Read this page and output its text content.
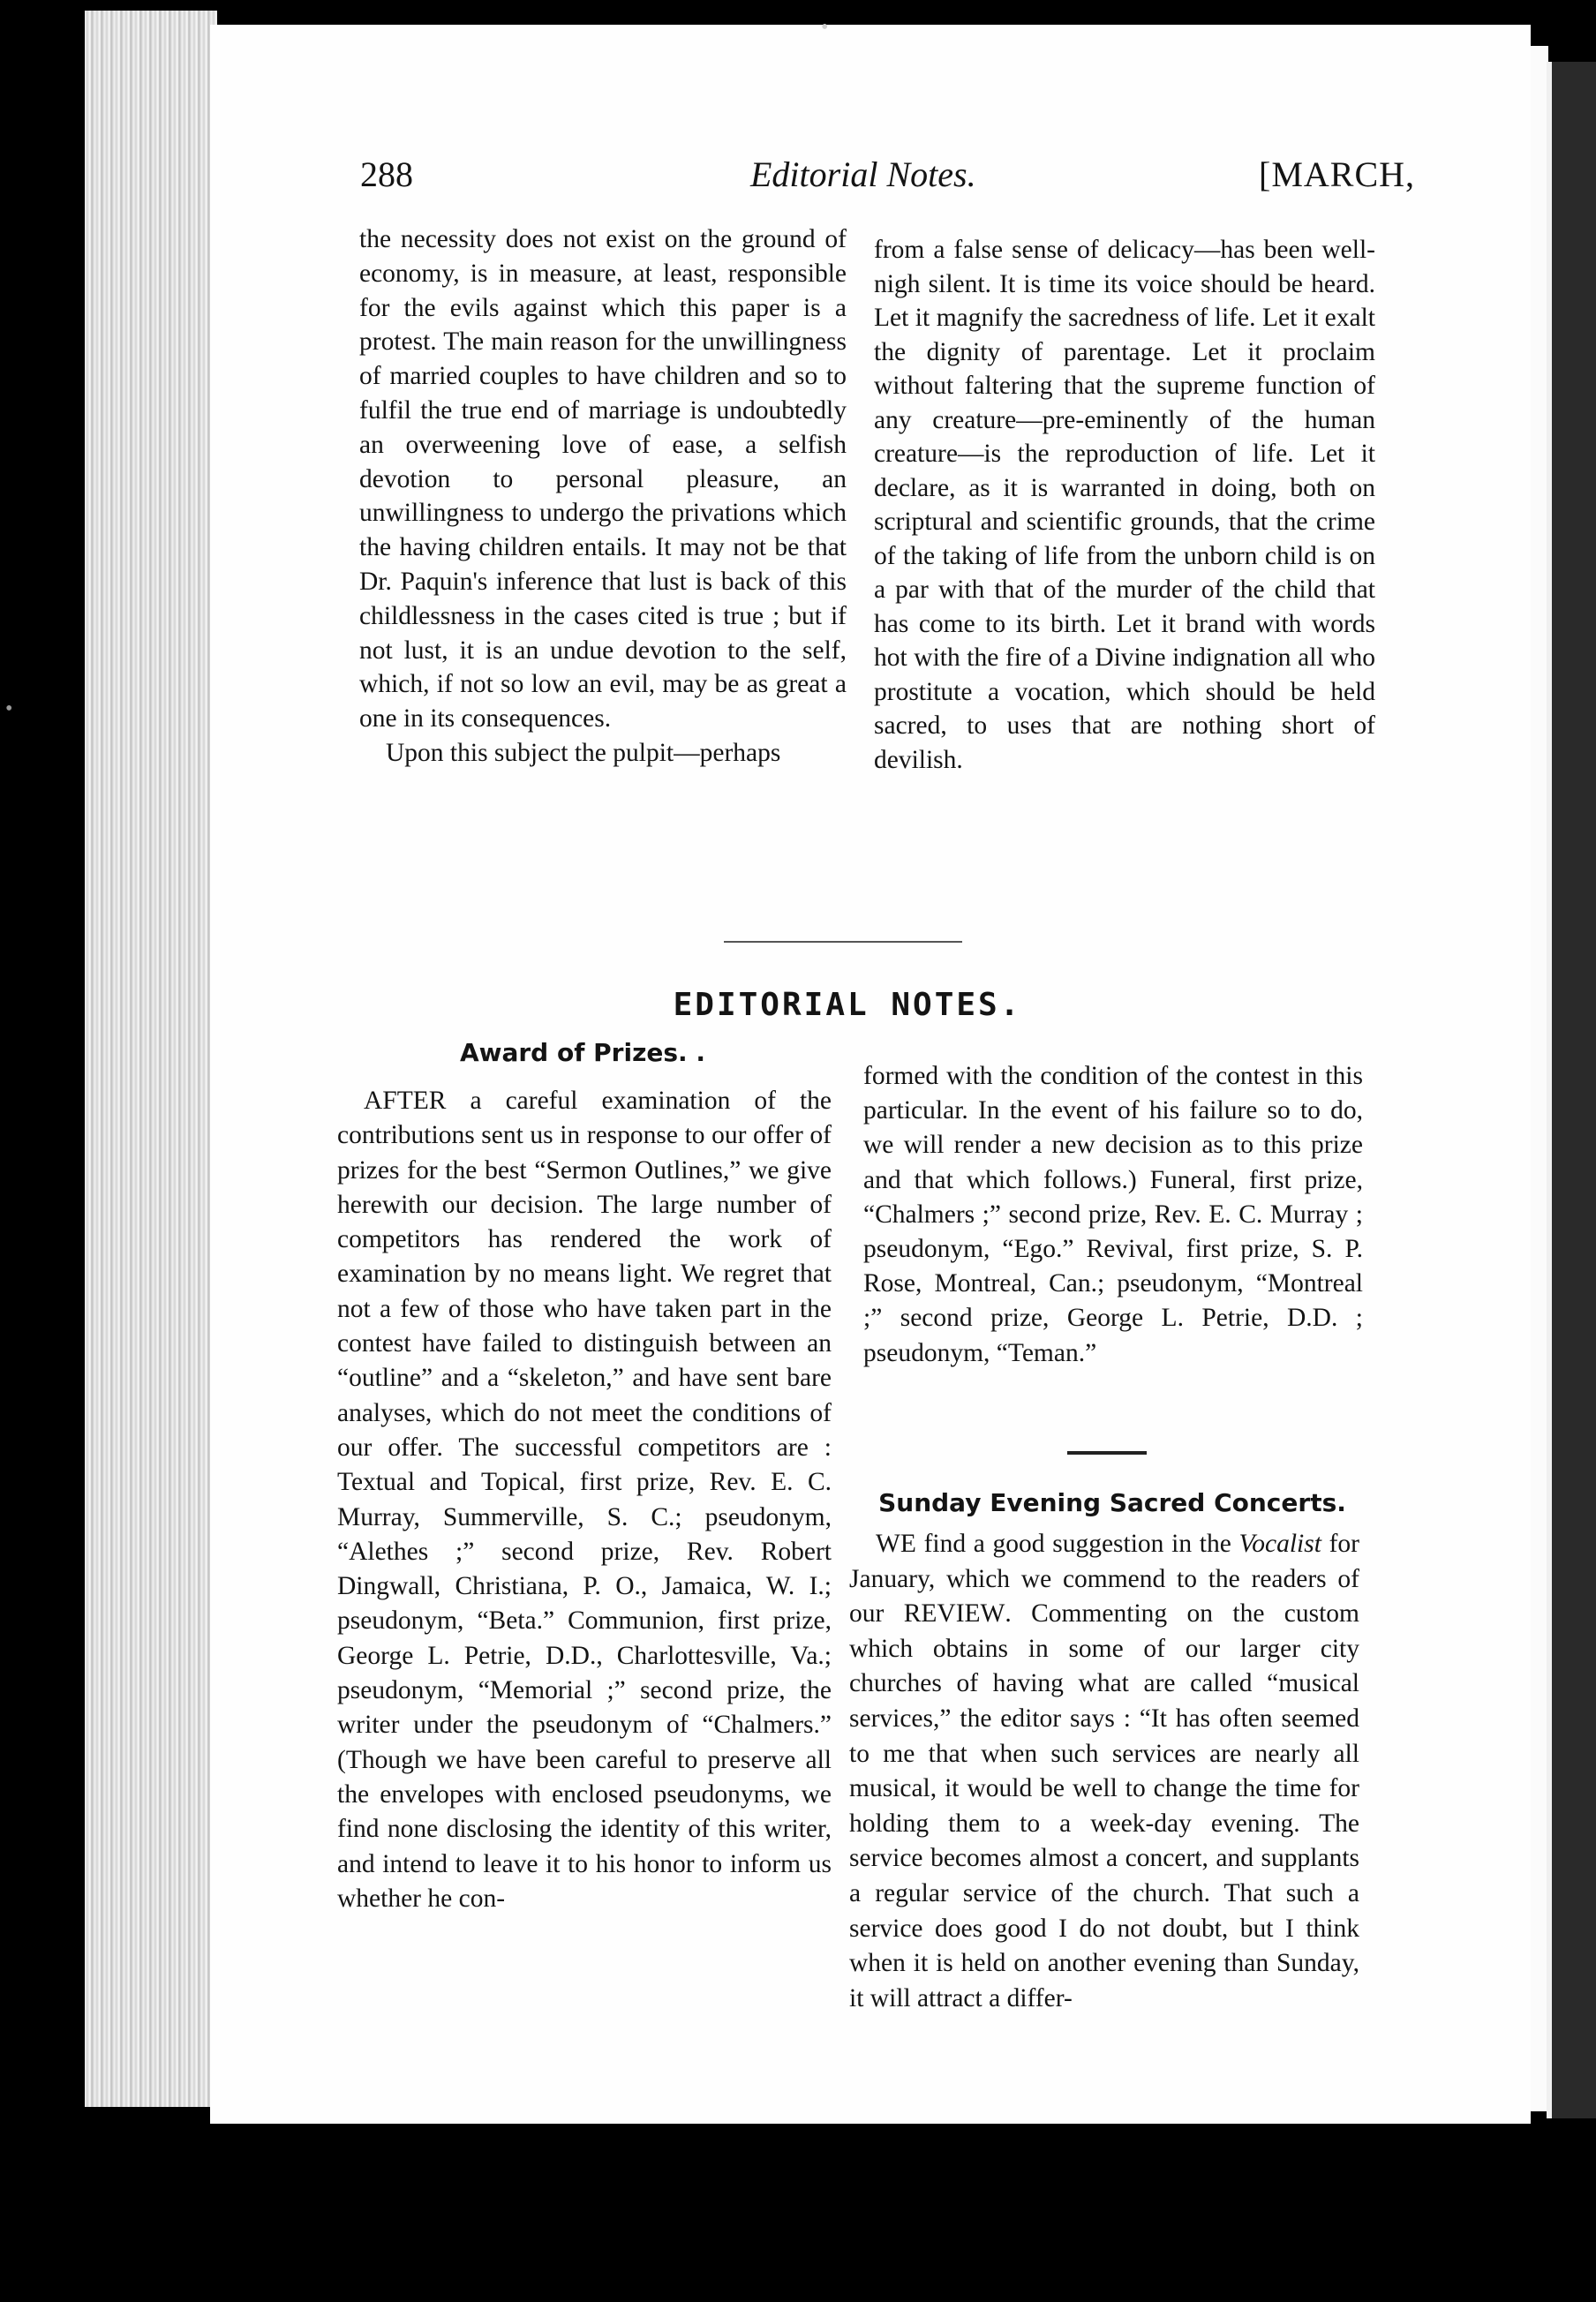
•
•
288	Editorial Notes.	[MARCH,

the necessity does not exist on the ground of economy, is in measure, at least, responsible for the evils against which this paper is a protest. The main reason for the unwillingness of married couples to have children and so to fulfil the true end of marriage is undoubtedly an overweening love of ease, a selfish devotion to personal pleasure, an unwillingness to undergo the privations which the having children entails. It may not be that Dr. Paquin's inference that lust is back of this childlessness in the cases cited is true ; but if not lust, it is an undue devotion to the self, which, if not so low an evil, may be as great a one in its consequences.

Upon this subject the pulpit—perhaps

from a false sense of delicacy—has been well-nigh silent. It is time its voice should be heard. Let it magnify the sacredness of life. Let it exalt the dignity of parentage. Let it proclaim without faltering that the supreme function of any creature—pre-eminently of the human creature—is the reproduction of life. Let it declare, as it is warranted in doing, both on scriptural and scientific grounds, that the crime of the taking of life from the unborn child is on a par with that of the murder of the child that has come to its birth. Let it brand with words hot with the fire of a Divine indignation all who prostitute a vocation, which should be held sacred, to uses that are nothing short of devilish.

EDITORIAL NOTES.
Award of Prizes. .

AFTER a careful examination of the contributions sent us in response to our offer of prizes for the best “Sermon Outlines,” we give herewith our decision. The large number of competitors has rendered the work of examination by no means light. We regret that not a few of those who have taken part in the contest have failed to distinguish between an “outline” and a “skeleton,” and have sent bare analyses, which do not meet the conditions of our offer. The successful competitors are : Textual and Topical, first prize, Rev. E. C. Murray, Summerville, S. C.; pseudonym, “Alethes ;” second prize, Rev. Robert Dingwall, Christiana, P. O., Jamaica, W. I.; pseudonym, “Beta.” Communion, first prize, George L. Petrie, D.D., Charlottesville, Va.; pseudonym, “Memorial ;” second prize, the writer under the pseudonym of “Chalmers.” (Though we have been careful to preserve all the envelopes with enclosed pseudonyms, we find none disclosing the identity of this writer, and intend to leave it to his honor to inform us whether he con-

formed with the condition of the contest in this particular. In the event of his failure so to do, we will render a new decision as to this prize and that which follows.) Funeral, first prize, “Chalmers ;” second prize, Rev. E. C. Murray ; pseudonym, “Ego.” Revival, first prize, S. P. Rose, Montreal, Can.; pseudonym, “Montreal ;” second prize, George L. Petrie, D.D. ; pseudonym, “Teman.”

Sunday Evening Sacred Concerts.

WE find a good suggestion in the Vocalist for January, which we commend to the readers of our REVIEW. Commenting on the custom which obtains in some of our larger city churches of having what are called “musical services,” the editor says : “It has often seemed to me that when such services are nearly all musical, it would be well to change the time for holding them to a week-day evening. The service becomes almost a concert, and supplants a regular service of the church. That such a service does good I do not doubt, but I think when it is held on another evening than Sunday, it will attract a differ-
